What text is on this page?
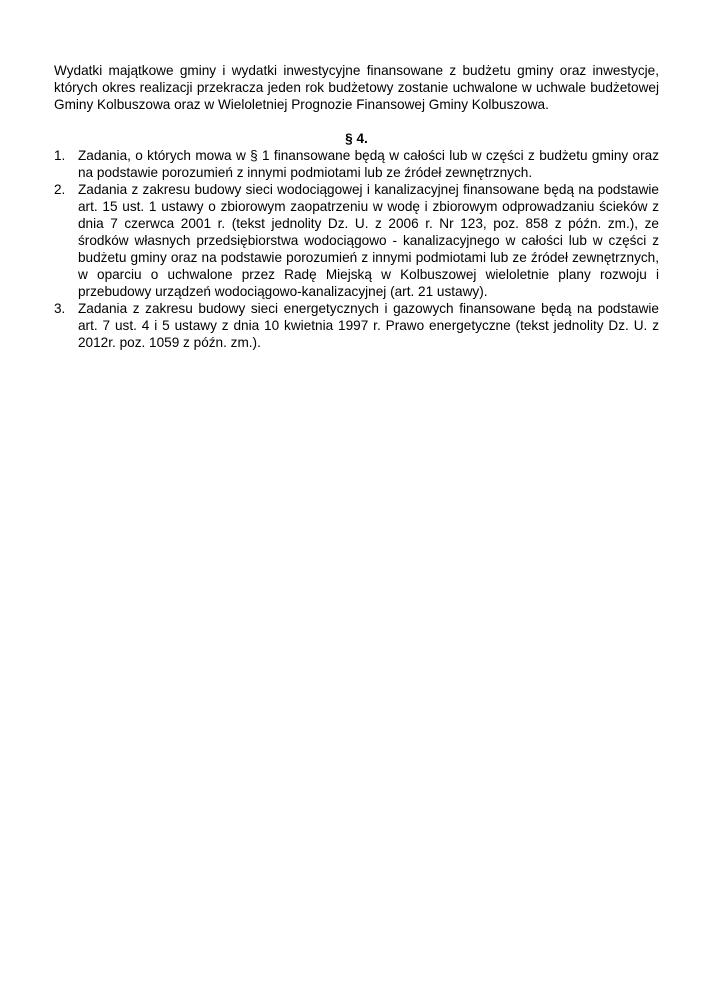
Wydatki majątkowe gminy i wydatki inwestycyjne finansowane z budżetu gminy oraz inwestycje, których okres realizacji przekracza jeden rok budżetowy zostanie uchwalone w uchwale budżetowej Gminy Kolbuszowa oraz w Wieloletniej Prognozie Finansowej Gminy Kolbuszowa.

§ 4.
1. Zadania, o których mowa w § 1 finansowane będą w całości lub w części z budżetu gminy oraz na podstawie porozumień z innymi podmiotami lub ze źródeł zewnętrznych.
2. Zadania z zakresu budowy sieci wodociągowej i kanalizacyjnej finansowane będą na podstawie art. 15 ust. 1 ustawy o zbiorowym zaopatrzeniu w wodę i zbiorowym odprowadzaniu ścieków z dnia 7 czerwca 2001 r. (tekst jednolity Dz. U. z 2006 r. Nr 123, poz. 858 z późn. zm.), ze środków własnych przedsiębiorstwa wodociągowo - kanalizacyjnego w całości lub w części z budżetu gminy oraz na podstawie porozumień z innymi podmiotami lub ze źródeł zewnętrznych, w oparciu o uchwalone przez Radę Miejską w Kolbuszowej wieloletnie plany rozwoju i przebudowy urządzeń wodociągowo-kanalizacyjnej (art. 21 ustawy).
3. Zadania z zakresu budowy sieci energetycznych i gazowych finansowane będą na podstawie art. 7 ust. 4 i 5 ustawy z dnia 10 kwietnia 1997 r. Prawo energetyczne (tekst jednolity Dz. U. z 2012r. poz. 1059 z późn. zm.).
